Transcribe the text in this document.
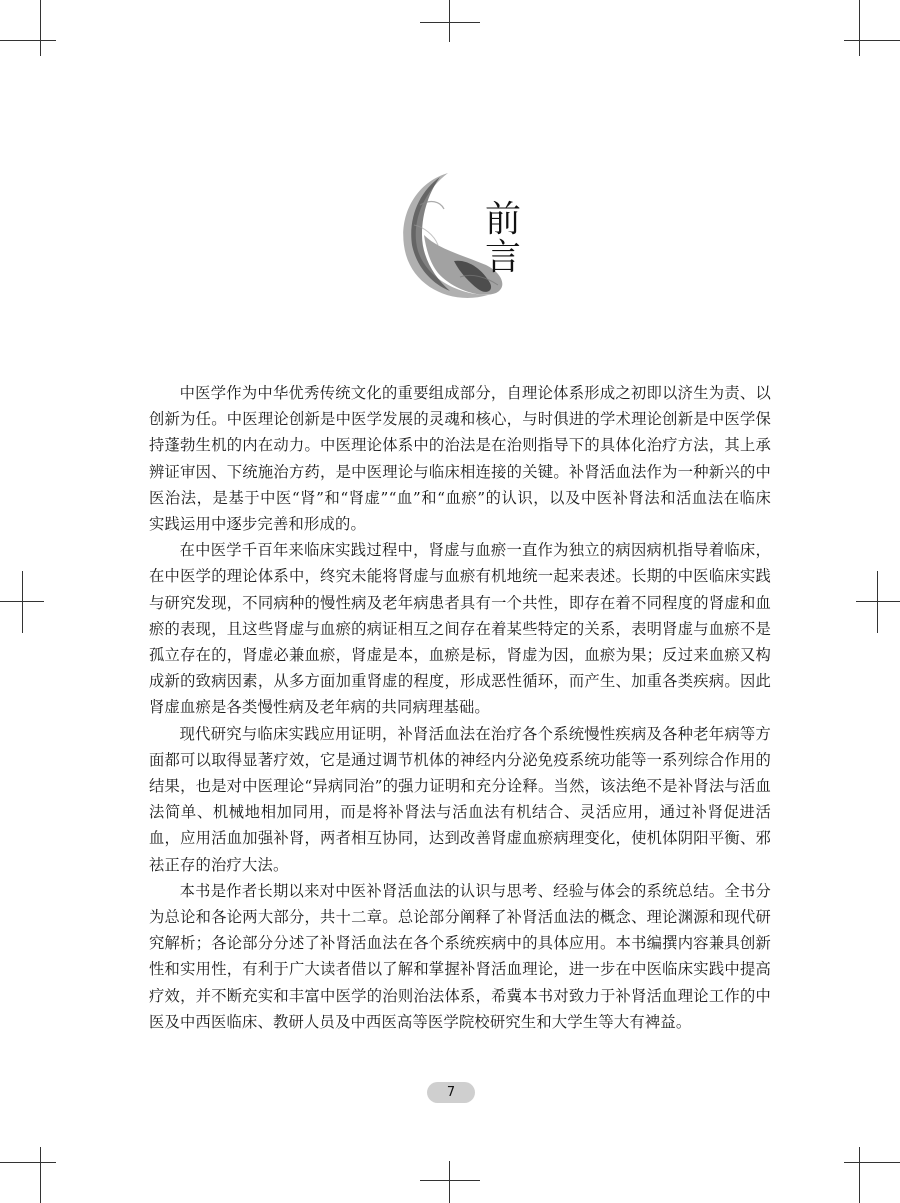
前
言

中医学作为中华优秀传统文化的重要组成部分，自理论体系形成之初即以济生为责、以创新为任。中医理论创新是中医学发展的灵魂和核心，与时俱进的学术理论创新是中医学保持蓬勃生机的内在动力。中医理论体系中的治法是在治则指导下的具体化治疗方法，其上承辨证审因、下统施治方药，是中医理论与临床相连接的关键。补肾活血法作为一种新兴的中医治法，是基于中医“肾”和“肾虚”“血”和“血瘀”的认识，以及中医补肾法和活血法在临床实践运用中逐步完善和形成的。

在中医学千百年来临床实践过程中，肾虚与血瘀一直作为独立的病因病机指导着临床，在中医学的理论体系中，终究未能将肾虚与血瘀有机地统一起来表述。长期的中医临床实践与研究发现，不同病种的慢性病及老年病患者具有一个共性，即存在着不同程度的肾虚和血瘀的表现，且这些肾虚与血瘀的病证相互之间存在着某些特定的关系，表明肾虚与血瘀不是孤立存在的，肾虚必兼血瘀，肾虚是本，血瘀是标，肾虚为因，血瘀为果；反过来血瘀又构成新的致病因素，从多方面加重肾虚的程度，形成恶性循环，而产生、加重各类疾病。因此肾虚血瘀是各类慢性病及老年病的共同病理基础。

现代研究与临床实践应用证明，补肾活血法在治疗各个系统慢性疾病及各种老年病等方面都可以取得显著疗效，它是通过调节机体的神经内分泌免疫系统功能等一系列综合作用的结果，也是对中医理论“异病同治”的强力证明和充分诠释。当然，该法绝不是补肾法与活血法简单、机械地相加同用，而是将补肾法与活血法有机结合、灵活应用，通过补肾促进活血，应用活血加强补肾，两者相互协同，达到改善肾虚血瘀病理变化，使机体阴阳平衡、邪祛正存的治疗大法。

本书是作者长期以来对中医补肾活血法的认识与思考、经验与体会的系统总结。全书分为总论和各论两大部分，共十二章。总论部分阐释了补肾活血法的概念、理论渊源和现代研究解析；各论部分分述了补肾活血法在各个系统疾病中的具体应用。本书编撰内容兼具创新性和实用性，有利于广大读者借以了解和掌握补肾活血理论，进一步在中医临床实践中提高疗效，并不断充实和丰富中医学的治则治法体系，希冀本书对致力于补肾活血理论工作的中医及中西医临床、教研人员及中西医高等医学院校研究生和大学生等大有裨益。

7
